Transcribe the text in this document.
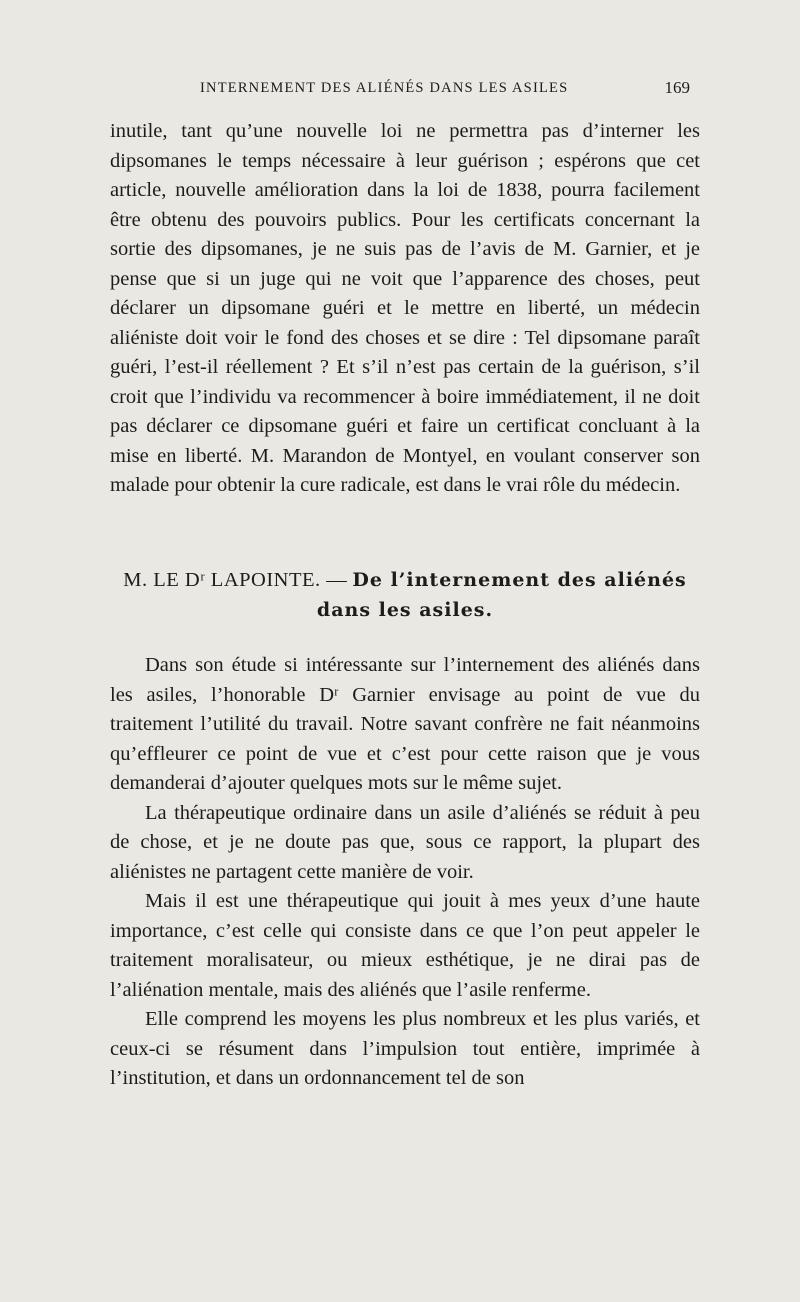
INTERNEMENT DES ALIÉNÉS DANS LES ASILES	169

inutile, tant qu’une nouvelle loi ne permettra pas d’interner les dipsomanes le temps nécessaire à leur guérison ; espérons que cet article, nouvelle amélioration dans la loi de 1838, pourra facilement être obtenu des pouvoirs publics. Pour les certificats concernant la sortie des dipsomanes, je ne suis pas de l’avis de M. Garnier, et je pense que si un juge qui ne voit que l’apparence des choses, peut déclarer un dipsomane guéri et le mettre en liberté, un médecin aliéniste doit voir le fond des choses et se dire : Tel dipsomane paraît guéri, l’est-il réellement ? Et s’il n’est pas certain de la guérison, s’il croit que l’individu va recommencer à boire immédiatement, il ne doit pas déclarer ce dipsomane guéri et faire un certificat concluant à la mise en liberté. M. Marandon de Montyel, en voulant conserver son malade pour obtenir la cure radicale, est dans le vrai rôle du médecin.

M. LE Dʳ LAPOINTE. — De l’internement des aliénés dans les asiles.

Dans son étude si intéressante sur l’internement des aliénés dans les asiles, l’honorable Dʳ Garnier envisage au point de vue du traitement l’utilité du travail. Notre savant confrère ne fait néanmoins qu’effleurer ce point de vue et c’est pour cette raison que je vous demanderai d’ajouter quelques mots sur le même sujet.

La thérapeutique ordinaire dans un asile d’aliénés se réduit à peu de chose, et je ne doute pas que, sous ce rapport, la plupart des aliénistes ne partagent cette manière de voir.

Mais il est une thérapeutique qui jouit à mes yeux d’une haute importance, c’est celle qui consiste dans ce que l’on peut appeler le traitement moralisateur, ou mieux esthétique, je ne dirai pas de l’aliénation mentale, mais des aliénés que l’asile renferme.

Elle comprend les moyens les plus nombreux et les plus variés, et ceux-ci se résument dans l’impulsion tout entière, imprimée à l’institution, et dans un ordonnancement tel de son
